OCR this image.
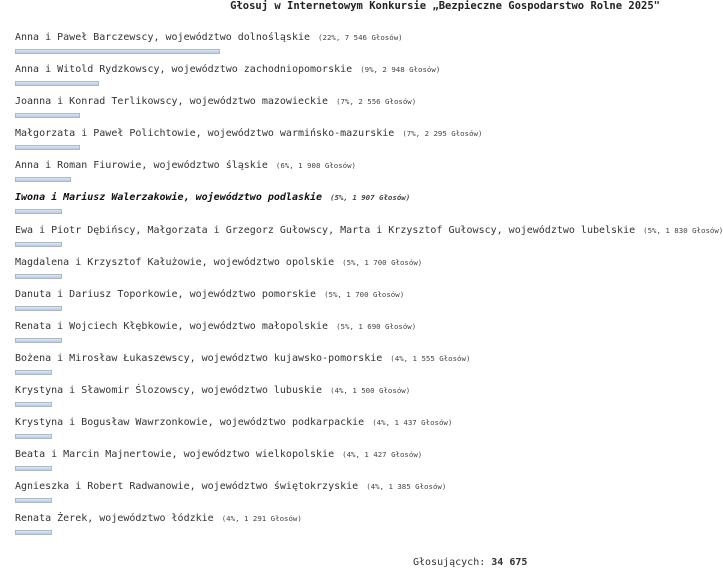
Głosuj w Internetowym Konkursie „Bezpieczne Gospodarstwo Rolne 2025"
Anna i Paweł Barczewscy, województwo dolnośląskie (22%, 7 546 Głosów)
Anna i Witold Rydzkowscy, województwo zachodniopomorskie (9%, 2 948 Głosów)
Joanna i Konrad Terlikowscy, województwo mazowieckie (7%, 2 556 Głosów)
Małgorzata i Paweł Polichtowie, województwo warmińsko-mazurskie (7%, 2 295 Głosów)
Anna i Roman Fiurowie, województwo śląskie (6%, 1 908 Głosów)
Iwona i Mariusz Walerzakowie, województwo podlaskie (5%, 1 907 Głosów)
Ewa i Piotr Dębińscy, Małgorzata i Grzegorz Gułowscy, Marta i Krzysztof Gułowscy, województwo lubelskie (5%, 1 830 Głosów)
Magdalena i Krzysztof Kałużowie, województwo opolskie (5%, 1 700 Głosów)
Danuta i Dariusz Toporkowie, województwo pomorskie (5%, 1 700 Głosów)
Renata i Wojciech Kłębkowie, województwo małopolskie (5%, 1 690 Głosów)
Bożena i Mirosław Łukaszewscy, województwo kujawsko-pomorskie (4%, 1 555 Głosów)
Krystyna i Sławomir Ślozowscy, województwo lubuskie (4%, 1 500 Głosów)
Krystyna i Bogusław Wawrzonkowie, województwo podkarpackie (4%, 1 437 Głosów)
Beata i Marcin Majnertowie, województwo wielkopolskie (4%, 1 427 Głosów)
Agnieszka i Robert Radwanowie, województwo świętokrzyskie (4%, 1 385 Głosów)
Renata Żerek, województwo łódzkie (4%, 1 291 Głosów)
Głosujących: 34 675
